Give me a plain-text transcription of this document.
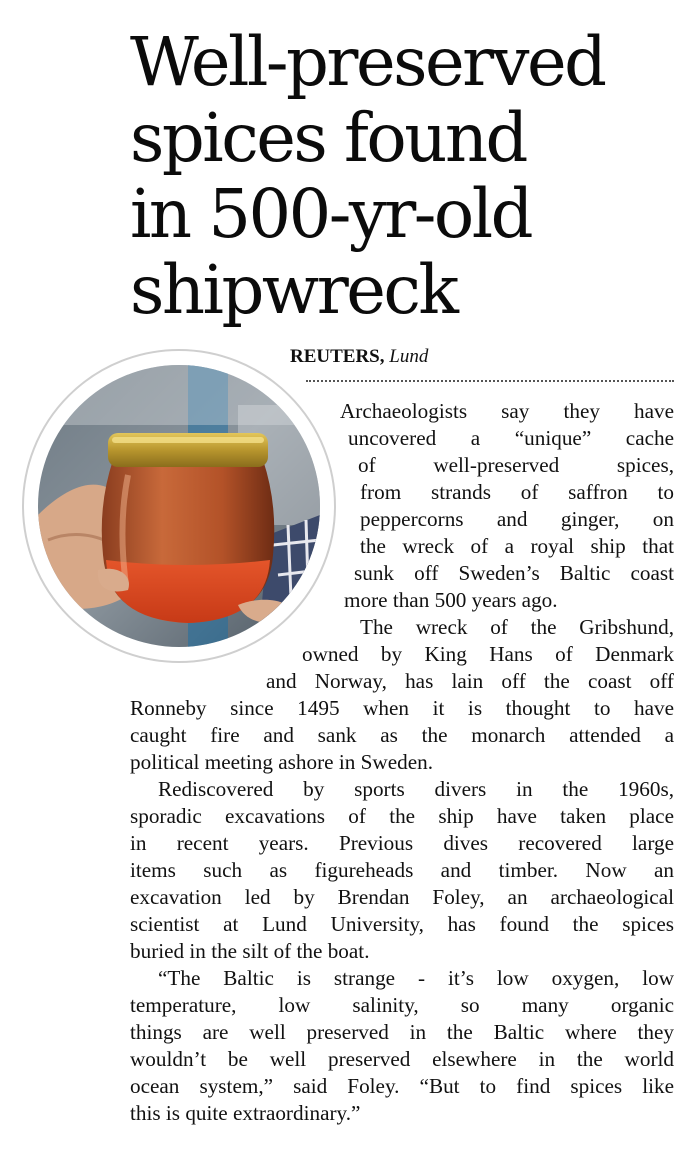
Well-preserved
spices found
in 500-yr-old
shipwreck
REUTERS, Lund

Archaeologists say they have

uncovered a “unique” cache

of well-preserved spices,

from strands of saffron to

peppercorns and ginger, on

the wreck of a royal ship that

sunk off Sweden’s Baltic coast

more than 500 years ago.

The wreck of the Gribshund,

owned by King Hans of Denmark

and Norway, has lain off the coast off

Ronneby since 1495 when it is thought to have

caught fire and sank as the monarch attended a

political meeting ashore in Sweden.

Rediscovered by sports divers in the 1960s,

sporadic excavations of the ship have taken place

in recent years. Previous dives recovered large

items such as figureheads and timber. Now an

excavation led by Brendan Foley, an archaeological

scientist at Lund University, has found the spices

buried in the silt of the boat.

“The Baltic is strange - it’s low oxygen, low

temperature, low salinity, so many organic

things are well preserved in the Baltic where they

wouldn’t be well preserved elsewhere in the world

ocean system,” said Foley. “But to find spices like

this is quite extraordinary.”
